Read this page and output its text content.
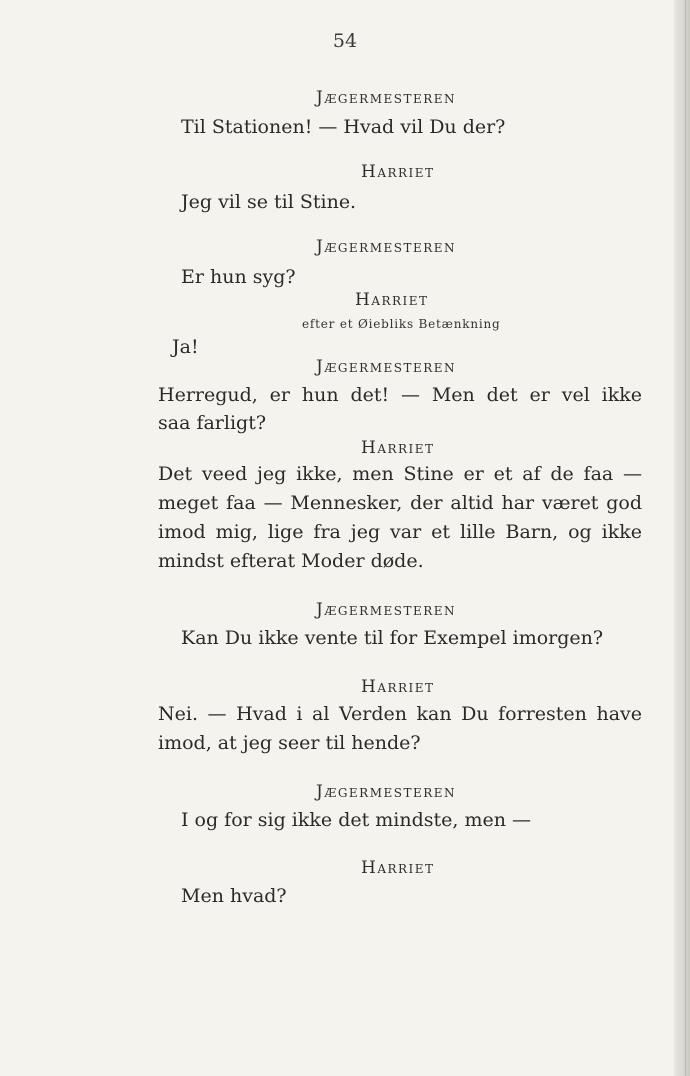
54
Jægermesteren
Til Stationen! — Hvad vil Du der?
Harriet
Jeg vil se til Stine.
Jægermesteren
Er hun syg?
Harriet
efter et Øiebliks Betænkning
Ja!
Jægermesteren
Herregud, er hun det! — Men det er vel ikke
saa farligt?
Harriet
Det veed jeg ikke, men Stine er et af de faa —
meget faa — Mennesker, der altid har været god
imod mig, lige fra jeg var et lille Barn, og ikke
mindst efterat Moder døde.
Jægermesteren
Kan Du ikke vente til for Exempel imorgen?
Harriet
Nei. — Hvad i al Verden kan Du forresten have
imod, at jeg seer til hende?
Jægermesteren
I og for sig ikke det mindste, men —
Harriet
Men hvad?
